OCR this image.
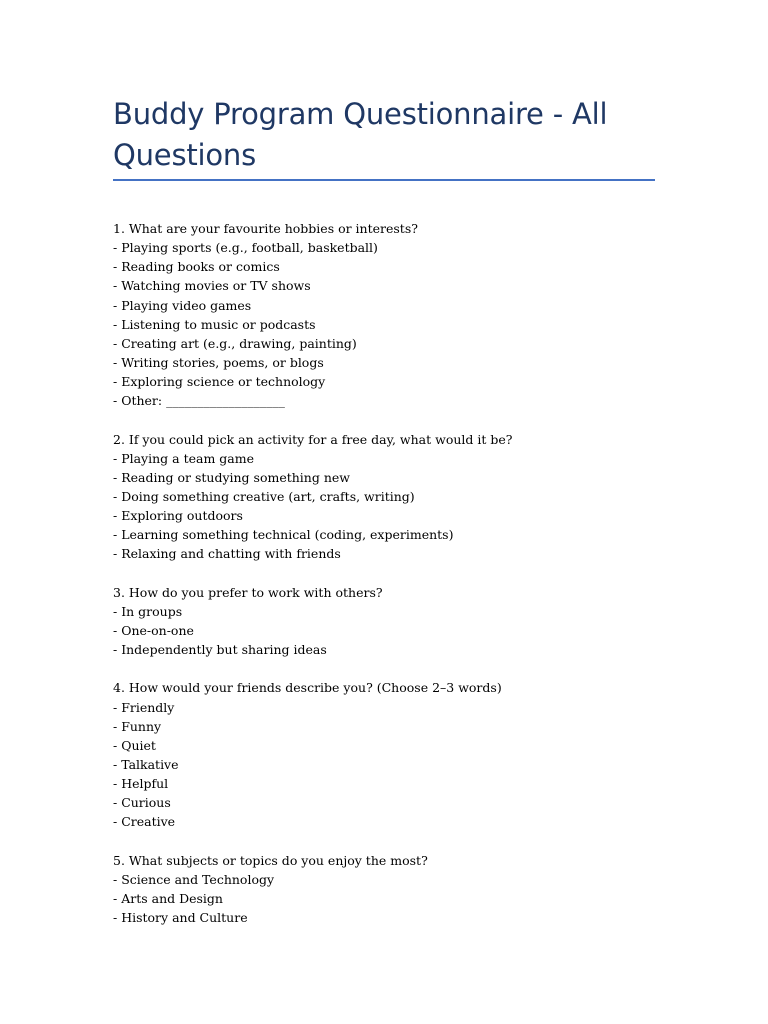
Buddy Program Questionnaire - All Questions
1. What are your favourite hobbies or interests?
- Playing sports (e.g., football, basketball)
- Reading books or comics
- Watching movies or TV shows
- Playing video games
- Listening to music or podcasts
- Creating art (e.g., drawing, painting)
- Writing stories, poems, or blogs
- Exploring science or technology
- Other: ___________________
2. If you could pick an activity for a free day, what would it be?
- Playing a team game
- Reading or studying something new
- Doing something creative (art, crafts, writing)
- Exploring outdoors
- Learning something technical (coding, experiments)
- Relaxing and chatting with friends
3. How do you prefer to work with others?
- In groups
- One-on-one
- Independently but sharing ideas
4. How would your friends describe you? (Choose 2–3 words)
- Friendly
- Funny
- Quiet
- Talkative
- Helpful
- Curious
- Creative
5. What subjects or topics do you enjoy the most?
- Science and Technology
- Arts and Design
- History and Culture
